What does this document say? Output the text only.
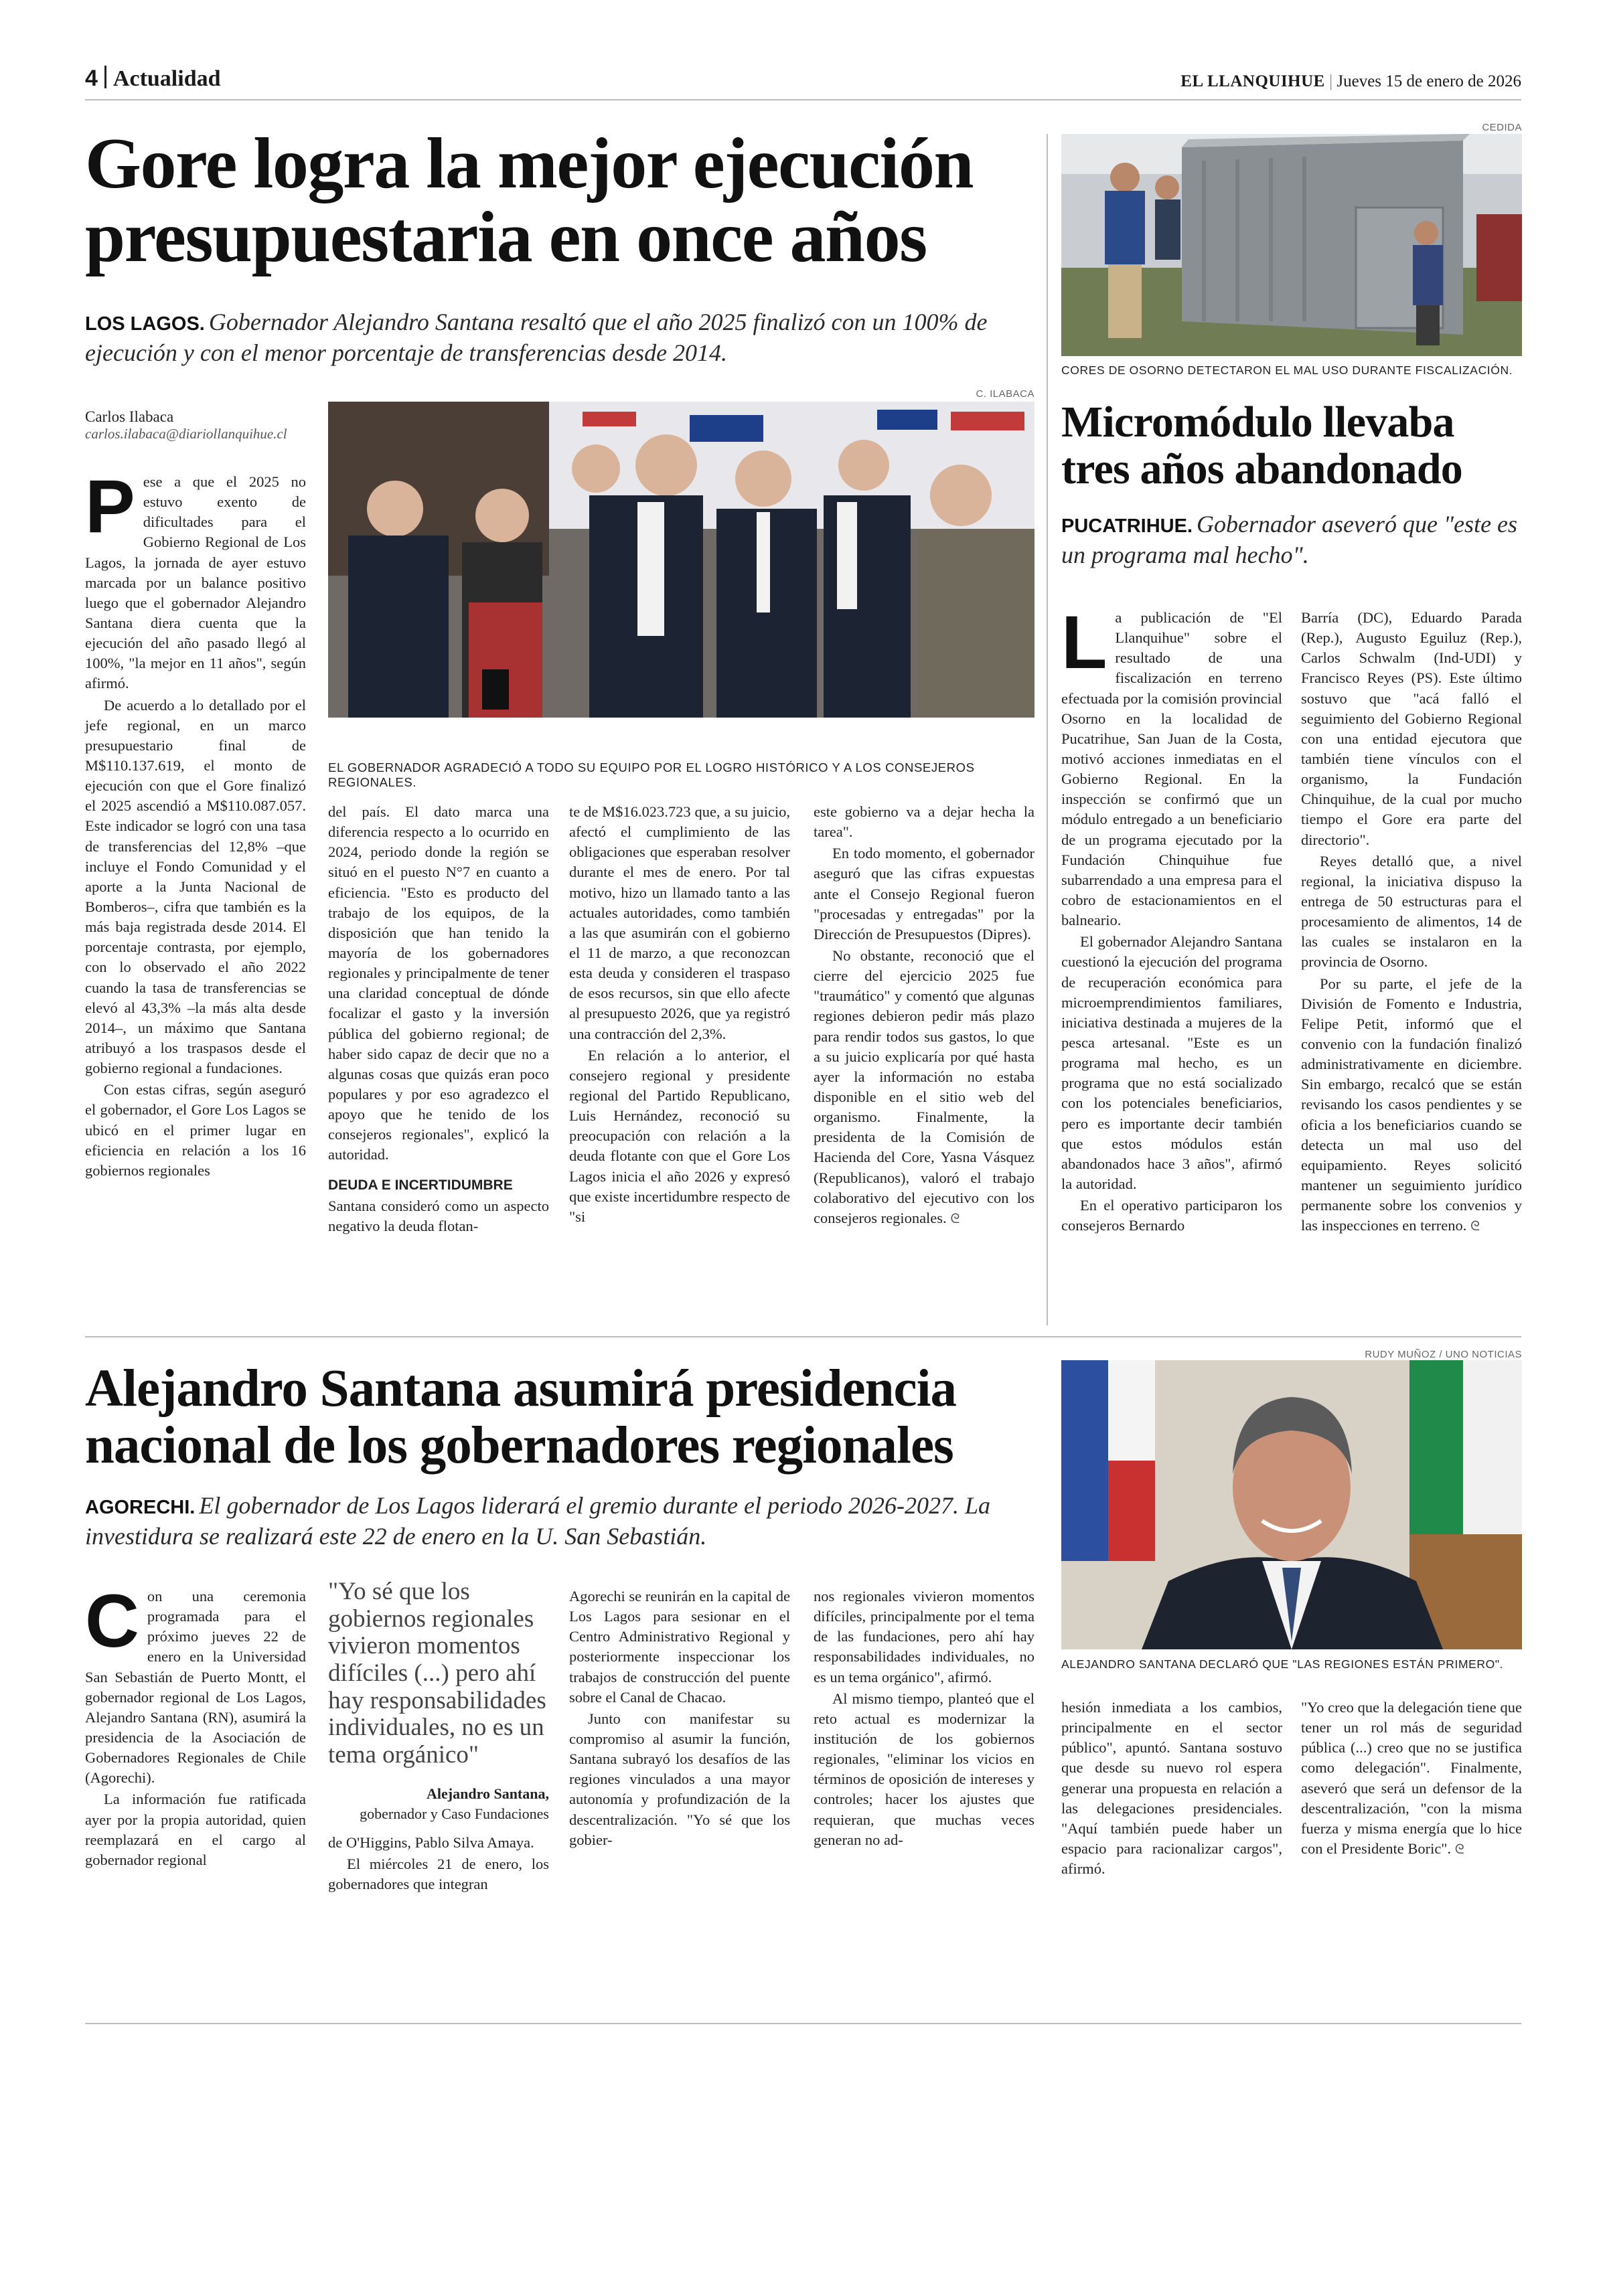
4 Actualidad	EL LLANQUIHUE | Jueves 15 de enero de 2026
Gore logra la mejor ejecución
presupuestaria en once años
LOS LAGOS. Gobernador Alejandro Santana resaltó que el año 2025 finalizó con un 100% de ejecución y con el menor porcentaje de transferencias desde 2014.
Carlos Ilabaca
carlos.ilabaca@diariollanquihue.cl
C. ILABACA
EL GOBERNADOR AGRADECIÓ A TODO SU EQUIPO POR EL LOGRO HISTÓRICO Y A LOS CONSEJEROS REGIONALES.

Pese a que el 2025 no estuvo exento de dificultades para el Gobierno Regional de Los Lagos, la jornada de ayer estuvo marcada por un balance positivo luego que el gobernador Alejandro Santana diera cuenta que la ejecución del año pasado llegó al 100%, "la mejor en 11 años", según afirmó.

De acuerdo a lo detallado por el jefe regional, en un marco presupuestario final de M$110.137.619, el monto de ejecución con que el Gore finalizó el 2025 ascendió a M$110.087.057. Este indicador se logró con una tasa de transferencias del 12,8% –que incluye el Fondo Comunidad y el aporte a la Junta Nacional de Bomberos–, cifra que también es la más baja registrada desde 2014. El porcentaje contrasta, por ejemplo, con lo observado el año 2022 cuando la tasa de transferencias se elevó al 43,3% –la más alta desde 2014–, un máximo que Santana atribuyó a los traspasos desde el gobierno regional a fundaciones.

Con estas cifras, según aseguró el gobernador, el Gore Los Lagos se ubicó en el primer lugar en eficiencia en relación a los 16 gobiernos regionales

del país. El dato marca una diferencia respecto a lo ocurrido en 2024, periodo donde la región se situó en el puesto N°7 en cuanto a eficiencia. "Esto es producto del trabajo de los equipos, de la disposición que han tenido la mayoría de los gobernadores regionales y principalmente de tener una claridad conceptual de dónde focalizar el gasto y la inversión pública del gobierno regional; de haber sido capaz de decir que no a algunas cosas que quizás eran poco populares y por eso agradezco el apoyo que he tenido de los consejeros regionales", explicó la autoridad.

DEUDA E INCERTIDUMBRE

Santana consideró como un aspecto negativo la deuda flotan-

te de M$16.023.723 que, a su juicio, afectó el cumplimiento de las obligaciones que esperaban resolver durante el mes de enero. Por tal motivo, hizo un llamado tanto a las actuales autoridades, como también a las que asumirán con el gobierno el 11 de marzo, a que reconozcan esta deuda y consideren el traspaso de esos recursos, sin que ello afecte al presupuesto 2026, que ya registró una contracción del 2,3%.

En relación a lo anterior, el consejero regional y presidente regional del Partido Republicano, Luis Hernández, reconoció su preocupación con relación a la deuda flotante con que el Gore Los Lagos inicia el año 2026 y expresó que existe incertidumbre respecto de "si

este gobierno va a dejar hecha la tarea".

En todo momento, el gobernador aseguró que las cifras expuestas ante el Consejo Regional fueron "procesadas y entregadas" por la Dirección de Presupuestos (Dipres).

No obstante, reconoció que el cierre del ejercicio 2025 fue "traumático" y comentó que algunas regiones debieron pedir más plazo para rendir todos sus gastos, lo que a su juicio explicaría por qué hasta ayer la información no estaba disponible en el sitio web del organismo. Finalmente, la presidenta de la Comisión de Hacienda del Core, Yasna Vásquez (Republicanos), valoró el trabajo colaborativo del ejecutivo con los consejeros regionales. ᘓ

CEDIDA
CORES DE OSORNO DETECTARON EL MAL USO DURANTE FISCALIZACIÓN.
Micromódulo llevaba
tres años abandonado
PUCATRIHUE. Gobernador aseveró que "este es un programa mal hecho".

La publicación de "El Llanquihue" sobre el resultado de una fiscalización en terreno efectuada por la comisión provincial Osorno en la localidad de Pucatrihue, San Juan de la Costa, motivó acciones inmediatas en el Gobierno Regional. En la inspección se confirmó que un módulo entregado a un beneficiario de un programa ejecutado por la Fundación Chinquihue fue subarrendado a una empresa para el cobro de estacionamientos en el balneario.

El gobernador Alejandro Santana cuestionó la ejecución del programa de recuperación económica para microemprendimientos familiares, iniciativa destinada a mujeres de la pesca artesanal. "Este es un programa mal hecho, es un programa que no está socializado con los potenciales beneficiarios, pero es importante decir también que estos módulos están abandonados hace 3 años", afirmó la autoridad.

En el operativo participaron los consejeros Bernardo

Barría (DC), Eduardo Parada (Rep.), Augusto Eguiluz (Rep.), Carlos Schwalm (Ind-UDI) y Francisco Reyes (PS). Este último sostuvo que "acá falló el seguimiento del Gobierno Regional con una entidad ejecutora que también tiene vínculos con el organismo, la Fundación Chinquihue, de la cual por mucho tiempo el Gore era parte del directorio".

Reyes detalló que, a nivel regional, la iniciativa dispuso la entrega de 50 estructuras para el procesamiento de alimentos, 14 de las cuales se instalaron en la provincia de Osorno.

Por su parte, el jefe de la División de Fomento e Industria, Felipe Petit, informó que el convenio con la fundación finalizó administrativamente en diciembre. Sin embargo, recalcó que se están revisando los casos pendientes y se oficia a los beneficiarios cuando se detecta un mal uso del equipamiento. Reyes solicitó mantener un seguimiento jurídico permanente sobre los convenios y las inspecciones en terreno. ᘓ

Alejandro Santana asumirá presidencia
nacional de los gobernadores regionales
AGORECHI. El gobernador de Los Lagos liderará el gremio durante el periodo 2026-2027. La investidura se realizará este 22 de enero en la U. San Sebastián.
RUDY MUÑOZ / UNO NOTICIAS
ALEJANDRO SANTANA DECLARÓ QUE "LAS REGIONES ESTÁN PRIMERO".

Con una ceremonia programada para el próximo jueves 22 de enero en la Universidad San Sebastián de Puerto Montt, el gobernador regional de Los Lagos, Alejandro Santana (RN), asumirá la presidencia de la Asociación de Gobernadores Regionales de Chile (Agorechi).

La información fue ratificada ayer por la propia autoridad, quien reemplazará en el cargo al gobernador regional

"Yo sé que los gobiernos regionales vivieron momentos difíciles (...) pero ahí hay responsabilidades individuales, no es un tema orgánico"
Alejandro Santana,
gobernador y Caso Fundaciones

de O'Higgins, Pablo Silva Amaya.

El miércoles 21 de enero, los gobernadores que integran

Agorechi se reunirán en la capital de Los Lagos para sesionar en el Centro Administrativo Regional y posteriormente inspeccionar los trabajos de construcción del puente sobre el Canal de Chacao.

Junto con manifestar su compromiso al asumir la función, Santana subrayó los desafíos de las regiones vinculados a una mayor autonomía y profundización de la descentralización. "Yo sé que los gobier-

nos regionales vivieron momentos difíciles, principalmente por el tema de las fundaciones, pero ahí hay responsabilidades individuales, no es un tema orgánico", afirmó.

Al mismo tiempo, planteó que el reto actual es modernizar la institución de los gobiernos regionales, "eliminar los vicios en términos de oposición de intereses y controles; hacer los ajustes que requieran, que muchas veces generan no ad-

hesión inmediata a los cambios, principalmente en el sector público", apuntó. Santana sostuvo que desde su nuevo rol espera generar una propuesta en relación a las delegaciones presidenciales. "Aquí también puede haber un espacio para racionalizar cargos", afirmó.

"Yo creo que la delegación tiene que tener un rol más de seguridad pública (...) creo que no se justifica como delegación". Finalmente, aseveró que será un defensor de la descentralización, "con la misma fuerza y misma energía que lo hice con el Presidente Boric". ᘓ
